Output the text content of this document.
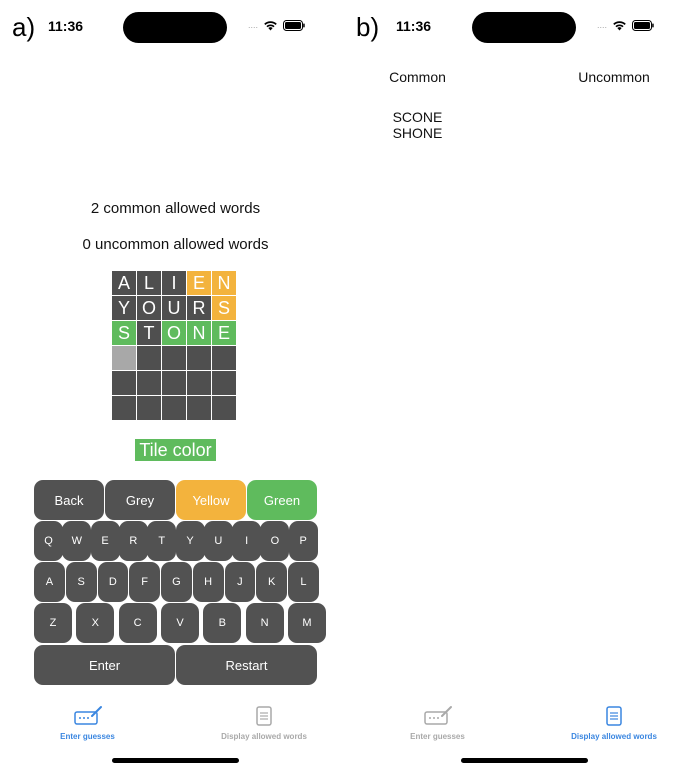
a) 11:36	....
2 common allowed words
0 uncommon allowed words
A L I E N
Y O U R S
S T O N E
Tile color
Back	Grey	Yellow	Green
Q	W	E	R	T	Y	U	I	O	P
A	S	D	F	G	H	J	K	L
Z	X	C	V	B	N	M
Enter	Restart
Enter guesses	Display allowed words
b) 11:36	....
Common	Uncommon
SCONE
SHONE
Enter guesses	Display allowed words
